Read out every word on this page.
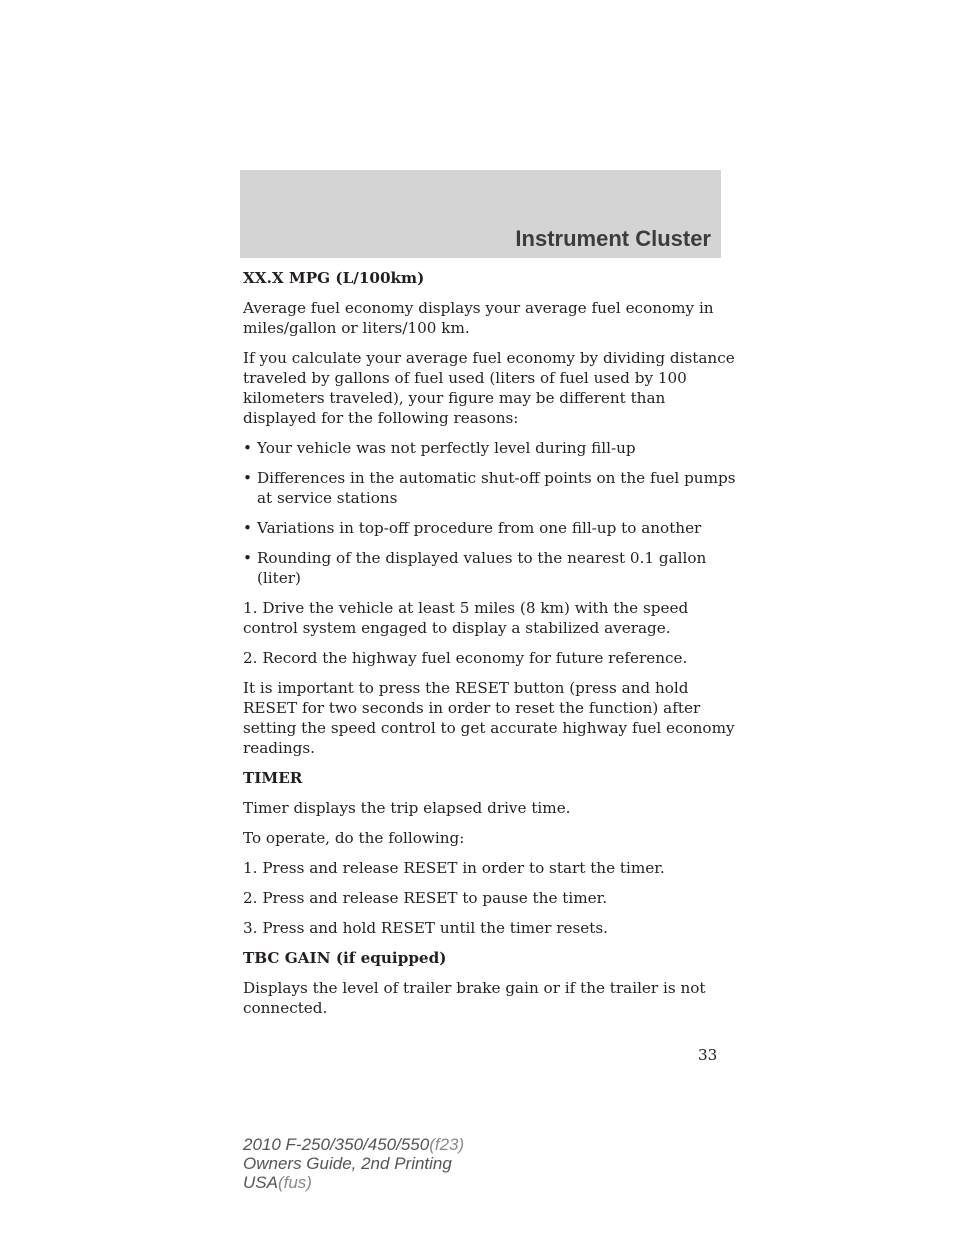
Instrument Cluster

XX.X MPG (L/100km)

Average fuel economy displays your average fuel economy in miles/gallon or liters/100 km.

If you calculate your average fuel economy by dividing distance traveled by gallons of fuel used (liters of fuel used by 100 kilometers traveled), your figure may be different than displayed for the following reasons:

• Your vehicle was not perfectly level during fill-up
• Differences in the automatic shut-off points on the fuel pumps at service stations
• Variations in top-off procedure from one fill-up to another
• Rounding of the displayed values to the nearest 0.1 gallon (liter)

1. Drive the vehicle at least 5 miles (8 km) with the speed control system engaged to display a stabilized average.

2. Record the highway fuel economy for future reference.

It is important to press the RESET button (press and hold RESET for two seconds in order to reset the function) after setting the speed control to get accurate highway fuel economy readings.

TIMER

Timer displays the trip elapsed drive time.

To operate, do the following:

1. Press and release RESET in order to start the timer.

2. Press and release RESET to pause the timer.

3. Press and hold RESET until the timer resets.

TBC GAIN (if equipped)

Displays the level of trailer brake gain or if the trailer is not connected.

33
2010 F-250/350/450/550(f23)
Owners Guide, 2nd Printing
USA(fus)
